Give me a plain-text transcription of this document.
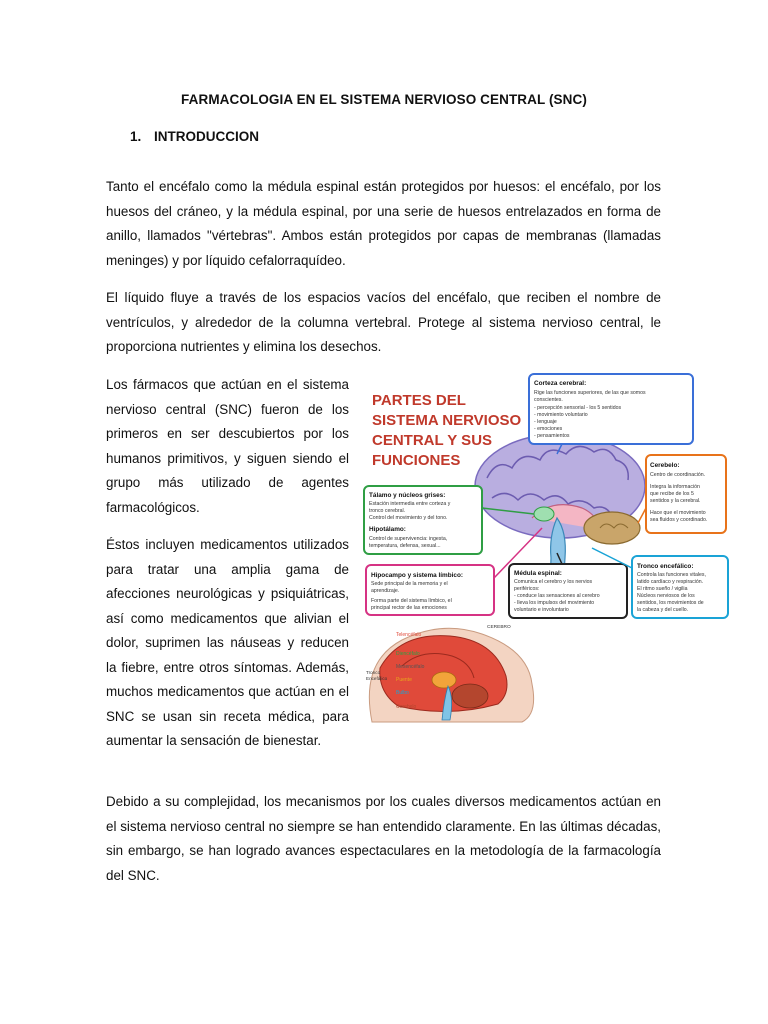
FARMACOLOGIA EN EL SISTEMA NERVIOSO CENTRAL (SNC)
1. INTRODUCCION

Tanto el encéfalo como la médula espinal están protegidos por huesos: el encéfalo, por los huesos del cráneo, y la médula espinal, por una serie de huesos entrelazados en forma de anillo, llamados "vértebras". Ambos están protegidos por capas de membranas (llamadas meninges) y por líquido cefalorraquídeo.

El líquido fluye a través de los espacios vacíos del encéfalo, que reciben el nombre de ventrículos, y alrededor de la columna vertebral. Protege al sistema nervioso central, le proporciona nutrientes y elimina los desechos.

Los fármacos que actúan en el sistema nervioso central (SNC) fueron de los primeros en ser descubiertos por los humanos primitivos, y siguen siendo el grupo más utilizado de agentes farmacológicos.

Éstos incluyen medicamentos utilizados para tratar una amplia gama de afecciones neurológicas y psiquiátricas, así como medicamentos que alivian el dolor, suprimen las náuseas y reducen la fiebre, entre otros síntomas. Además, muchos medicamentos que actúan en el SNC se usan sin receta médica, para aumentar la sensación de bienestar.

Debido a su complejidad, los mecanismos por los cuales diversos medicamentos actúan en el sistema nervioso central no siempre se han entendido claramente. En las últimas décadas, sin embargo, se han logrado avances espectaculares en la metodología de la farmacología del SNC.

PARTES DEL
SISTEMA NERVIOSO
CENTRAL Y SUS
FUNCIONES
Corteza cerebral:
Rige las funciones superiores, de las que somos
conscientes.
- percepción sensorial - los 5 sentidos
- movimiento voluntario
- lenguaje
- emociones
- pensamientos
Cerebelo:
Centro de coordinación.
Integra la información
que recibe de los 5
sentidos y la cerebral.
Hace que el movimiento
sea fluidos y coordinado.
Tálamo y núcleos grises:
Estación intermedia entre corteza y
tronco cerebral.
Control del movimiento y del tono.
Hipotálamo:
Control de supervivencia: ingesta,
temperatura, defensa, sexual...
Hipocampo y sistema límbico:
Sede principal de la memoria y el
aprendizaje.
Forma parte del sistema límbico, el
principal rector de las emociones
Médula espinal:
Comunica el cerebro y los nervios
periféricos:
- conduce las sensaciones al cerebro
- lleva los impulsos del movimiento
voluntario e involuntario
Tronco encefálico:
Controla las funciones vitales,
latido cardíaco y respiración.
El ritmo sueño / vigilia
Núcleos nerviosos de los
sentidos, los movimientos de
la cabeza y del cuello.
CEREBRO
Telencéfalo
Diencéfalo
Mesencéfalo
Puente
Bulbo
Cerebelo
Tronco
Encefálico
